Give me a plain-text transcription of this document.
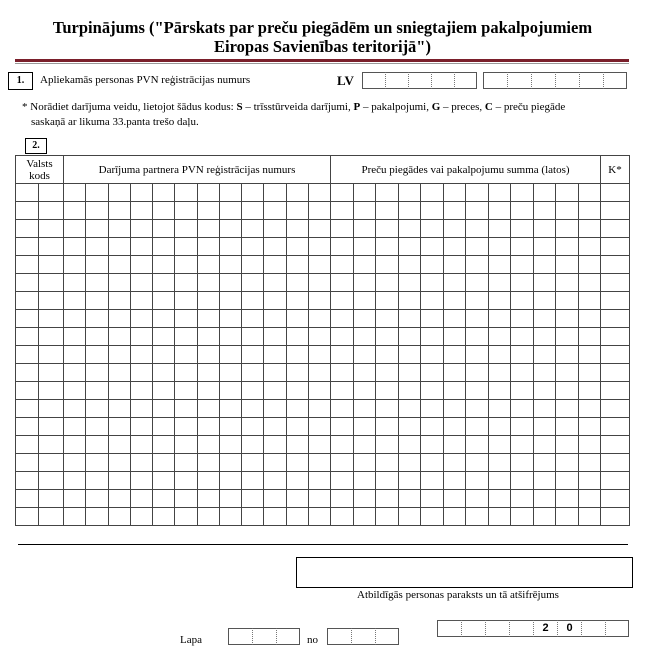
Turpinājums ("Pārskats par preču piegādēm un sniegtajiem pakalpojumiem
Eiropas Savienības teritorijā")
1.	Apliekamās personas PVN reģistrācijas numurs	LV
* Norādiet darījuma veidu, lietojot šādus kodus: S – trīsstūrveida darījumi, P – pakalpojumi, G – preces, C – preču piegāde
saskaņā ar likuma 33.panta trešo daļu.
2.
Valsts kods		Darījuma partnera PVN reģistrācijas numurs												Preču piegādes vai pakalpojumu summa (latos)												K*

Atbildīgās personas paraksts un tā atšifrējums
Lapa	no
2	0
